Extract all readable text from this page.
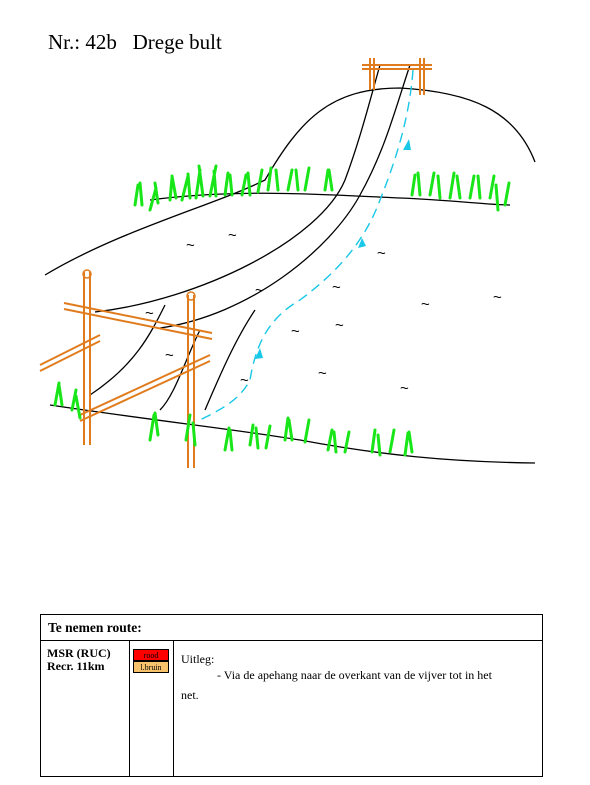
Nr.: 42b   Drege bult
~
~
~
~
~
~ ~
~
~
~
~
~	~
~
Te nemen route:
MSR (RUC)
Recr. 11km
rood
l.bruin
Uitleg:
- Via de apehang naar de overkant van de vijver tot in het
net.
